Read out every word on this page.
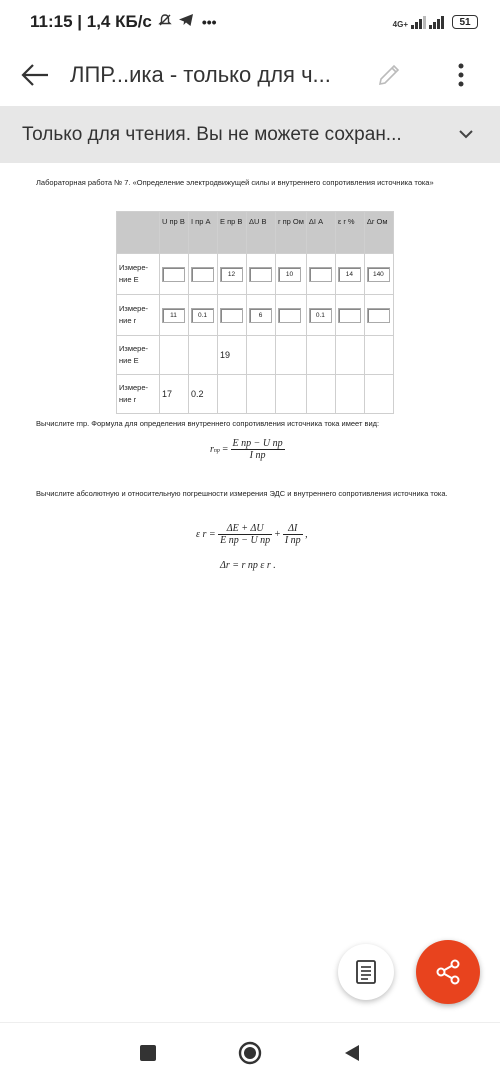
11:15 | 1,4 КБ/с	•••	4G+	51
ЛПР...ика - только для ч...
Только для чтения. Вы не можете сохран...

Лабораторная работа № 7. «Определение электродвижущей силы и внутреннего сопротивления источника тока»

	U пр В	I пр А	E пр В	ΔU В	r пр Ом	ΔI А	ε r %	Δr Ом

Измере-ние E			12		10		14	140

Измере-ние r	11	0.1		6		0.1		

Измере-ние E			19					

Измере-ние r	17	0.2						

Вычислите rпр. Формула для определения внутреннего сопротивления источника тока имеет вид:

rпр = $\frac{\text{E пр − U пр}}{\text{I пр}}$

Вычислите абсолютную и относительную погрешности измерения ЭДС и внутреннего сопротивления источника тока.

ε $r = \frac{\Delta E + \Delta U}{\text{E пр − U пр}} + \frac{\Delta I}{\text{I пр}}$ ,
Δr = r пр ε r .
